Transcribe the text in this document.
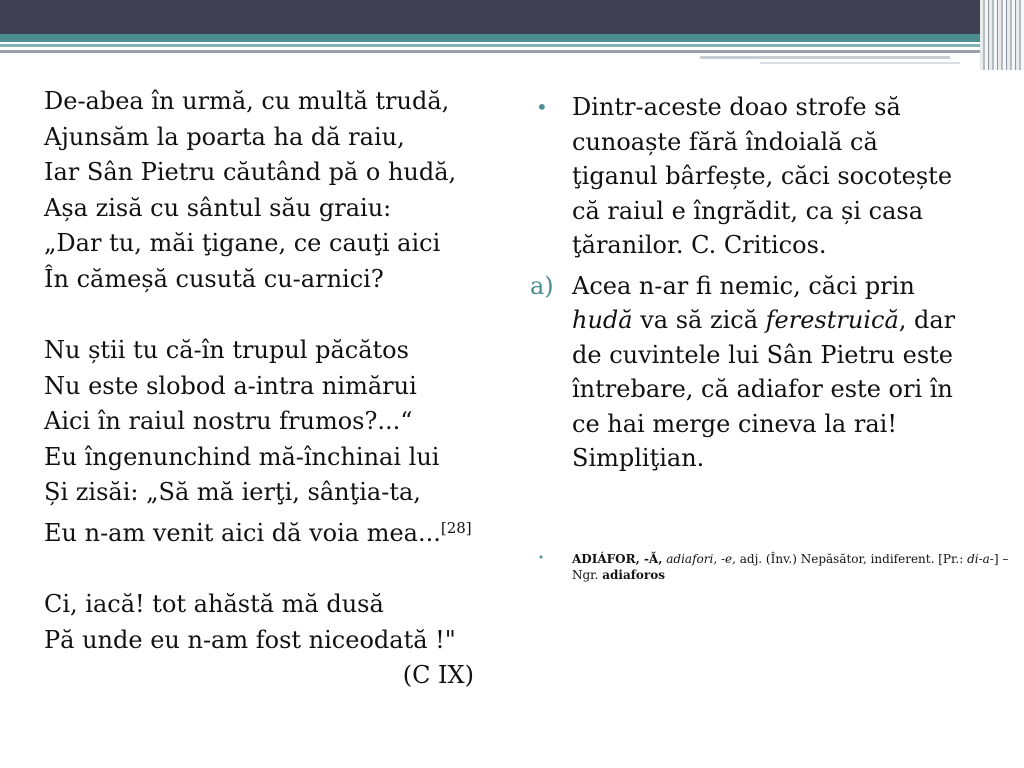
De-abea în urmă, cu multă trudă,
Ajunsăm la poarta ha dă raiu,
Iar Sân Pietru căutând pă o hudă,
Așa zisă cu sântul său graiu:
„Dar tu, măi ţigane, ce cauţi aici
În cămeșă cusută cu-arnici?
Nu știi tu că-în trupul păcătos
Nu este slobod a-intra nimărui
Aici în raiul nostru frumos?...“
Eu îngenunchind mă-închinai lui
Și zisăi: „Să mă ierţi, sânţia-ta,
Eu n-am venit aici dă voia mea...[28]
Ci, iacă! tot ahăstă mă dusă
Pă unde eu n-am fost niceodată !"
(C IX)
• Dintr-aceste doao strofe să cunoaște fără îndoială că ţiganul bârfește, căci socotește că raiul e îngrădit, ca și casa ţăranilor. C. Criticos.
a) Acea n-ar fi nemic, căci prin hudă va să zică ferestruică, dar de cuvintele lui Sân Pietru este întrebare, că adiafor este ori în ce hai merge cineva la rai! Simpliţian.
• ADIÁFOR, -Ă, adiafori, -e, adj. (Înv.) Nepăsător, indiferent. [Pr.: di-a-] – Ngr. adiaforos
